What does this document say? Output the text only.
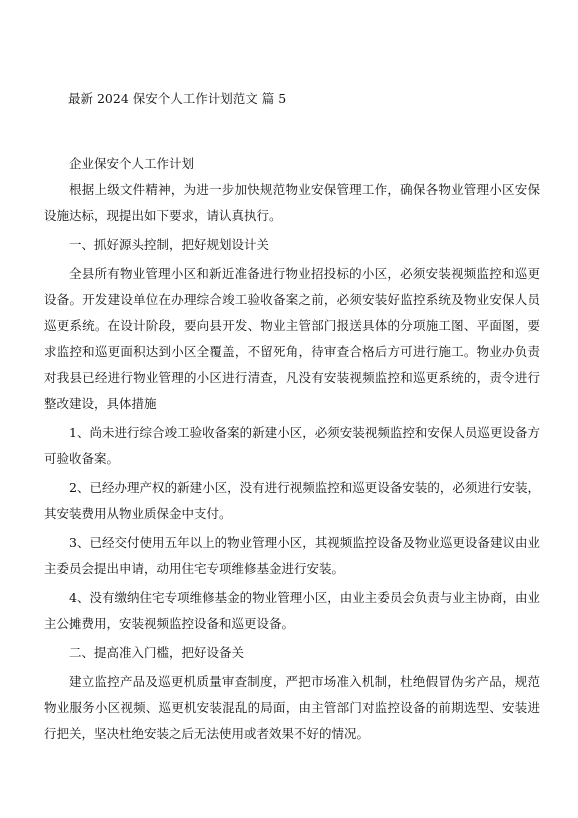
最新 2024 保安个人工作计划范文 篇 5

企业保安个人工作计划

根据上级文件精神，为进一步加快规范物业安保管理工作，确保各物业管理小区安保设施达标，现提出如下要求，请认真执行。

一、抓好源头控制，把好规划设计关

全县所有物业管理小区和新近准备进行物业招投标的小区，必须安装视频监控和巡更设备。开发建设单位在办理综合竣工验收备案之前，必须安装好监控系统及物业安保人员巡更系统。在设计阶段，要向县开发、物业主管部门报送具体的分项施工图、平面图，要求监控和巡更面积达到小区全覆盖，不留死角，待审查合格后方可进行施工。物业办负责对我县已经进行物业管理的小区进行清查，凡没有安装视频监控和巡更系统的，责令进行整改建设，具体措施

1、尚未进行综合竣工验收备案的新建小区，必须安装视频监控和安保人员巡更设备方可验收备案。

2、已经办理产权的新建小区，没有进行视频监控和巡更设备安装的，必须进行安装，其安装费用从物业质保金中支付。

3、已经交付使用五年以上的物业管理小区，其视频监控设备及物业巡更设备建议由业主委员会提出申请，动用住宅专项维修基金进行安装。

4、没有缴纳住宅专项维修基金的物业管理小区，由业主委员会负责与业主协商，由业主公摊费用，安装视频监控设备和巡更设备。

二、提高准入门槛，把好设备关

建立监控产品及巡更机质量审查制度，严把市场准入机制，杜绝假冒伪劣产品，规范物业服务小区视频、巡更机安装混乱的局面，由主管部门对监控设备的前期选型、安装进行把关，坚决杜绝安装之后无法使用或者效果不好的情况。
